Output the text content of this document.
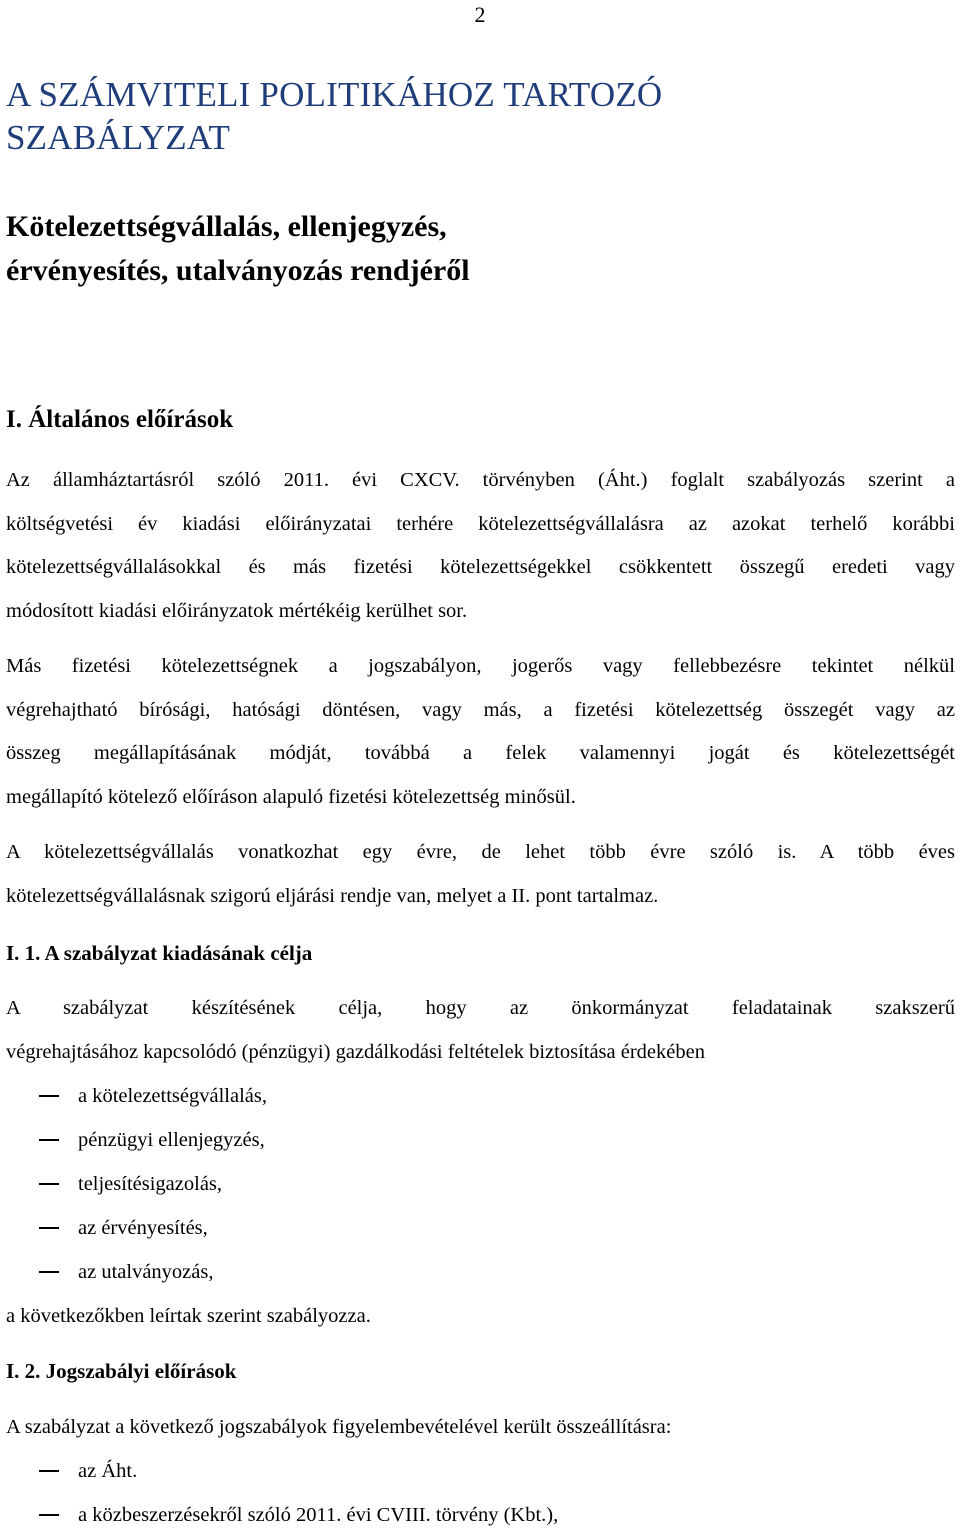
2
A SZÁMVITELI POLITIKÁHOZ TARTOZÓ
SZABÁLYZAT
Kötelezettségvállalás, ellenjegyzés,
érvényesítés, utalványozás rendjéről
I. Általános előírások
Az államháztartásról szóló 2011. évi CXCV. törvényben (Áht.) foglalt szabályozás szerint a
költségvetési év kiadási előirányzatai terhére kötelezettségvállalásra az azokat terhelő korábbi
kötelezettségvállalásokkal és más fizetési kötelezettségekkel csökkentett összegű eredeti vagy
módosított kiadási előirányzatok mértékéig kerülhet sor.
Más fizetési kötelezettségnek a jogszabályon, jogerős vagy fellebbezésre tekintet nélkül
végrehajtható bírósági, hatósági döntésen, vagy más, a fizetési kötelezettség összegét vagy az
összeg megállapításának módját, továbbá a felek valamennyi jogát és kötelezettségét
megállapító kötelező előíráson alapuló fizetési kötelezettség minősül.
A kötelezettségvállalás vonatkozhat egy évre, de lehet több évre szóló is. A több éves
kötelezettségvállalásnak szigorú eljárási rendje van, melyet a II. pont tartalmaz.
I. 1. A szabályzat kiadásának célja
A szabályzat készítésének célja, hogy az önkormányzat feladatainak szakszerű
végrehajtásához kapcsolódó (pénzügyi) gazdálkodási feltételek biztosítása érdekében
a kötelezettségvállalás,
pénzügyi ellenjegyzés,
teljesítésigazolás,
az érvényesítés,
az utalványozás,
a következőkben leírtak szerint szabályozza.
I. 2. Jogszabályi előírások
A szabályzat a következő jogszabályok figyelembevételével került összeállításra:
az Áht.
a közbeszerzésekről szóló 2011. évi CVIII. törvény (Kbt.),
